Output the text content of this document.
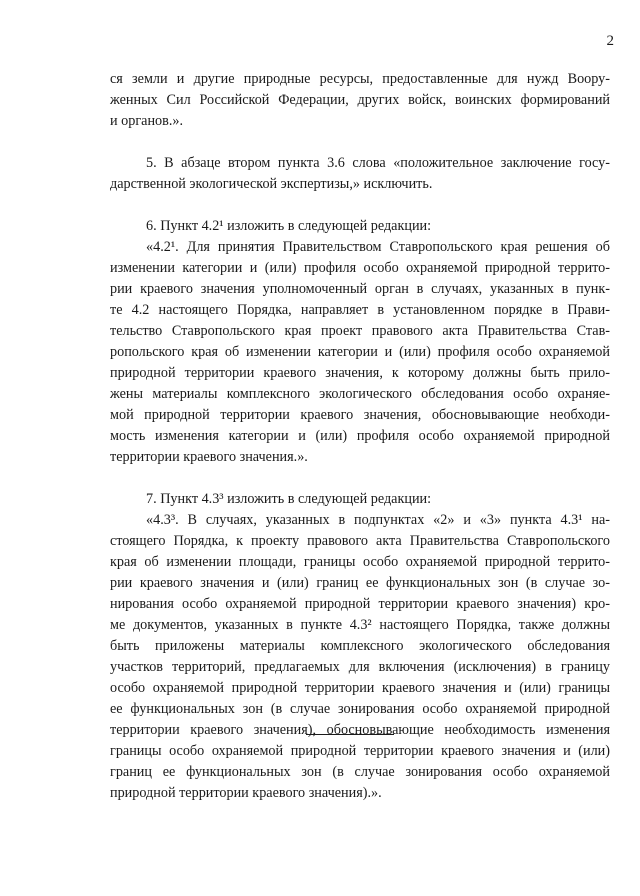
2
ся земли и другие природные ресурсы, предоставленные для нужд Воору-
женных Сил Российской Федерации, других войск, воинских формирований
и органов.».
5. В абзаце втором пункта 3.6 слова «положительное заключение госу-
дарственной экологической экспертизы,» исключить.
6. Пункт 4.2¹ изложить в следующей редакции:
«4.2¹. Для принятия Правительством Ставропольского края решения об
изменении категории и (или) профиля особо охраняемой природной террито-
рии краевого значения уполномоченный орган в случаях, указанных в пунк-
те 4.2 настоящего Порядка, направляет в установленном порядке в Прави-
тельство Ставропольского края проект правового акта Правительства Став-
ропольского края об изменении категории и (или) профиля особо охраняемой
природной территории краевого значения, к которому должны быть прило-
жены материалы комплексного экологического обследования особо охраняе-
мой природной территории краевого значения, обосновывающие необходи-
мость изменения категории и (или) профиля особо охраняемой природной
территории краевого значения.».
7. Пункт 4.3³ изложить в следующей редакции:
«4.3³. В случаях, указанных в подпунктах «2» и «3» пункта 4.3¹ на-
стоящего Порядка, к проекту правового акта Правительства Ставропольского
края об изменении площади, границы особо охраняемой природной террито-
рии краевого значения и (или) границ ее функциональных зон (в случае зо-
нирования особо охраняемой природной территории краевого значения) кро-
ме документов, указанных в пункте 4.3² настоящего Порядка, также должны
быть приложены материалы комплексного экологического обследования
участков территорий, предлагаемых для включения (исключения) в границу
особо охраняемой природной территории краевого значения и (или) границы
ее функциональных зон (в случае зонирования особо охраняемой природной
территории краевого значения), обосновывающие необходимость изменения
границы особо охраняемой природной территории краевого значения и (или)
границ ее функциональных зон (в случае зонирования особо охраняемой
природной территории краевого значения).».
